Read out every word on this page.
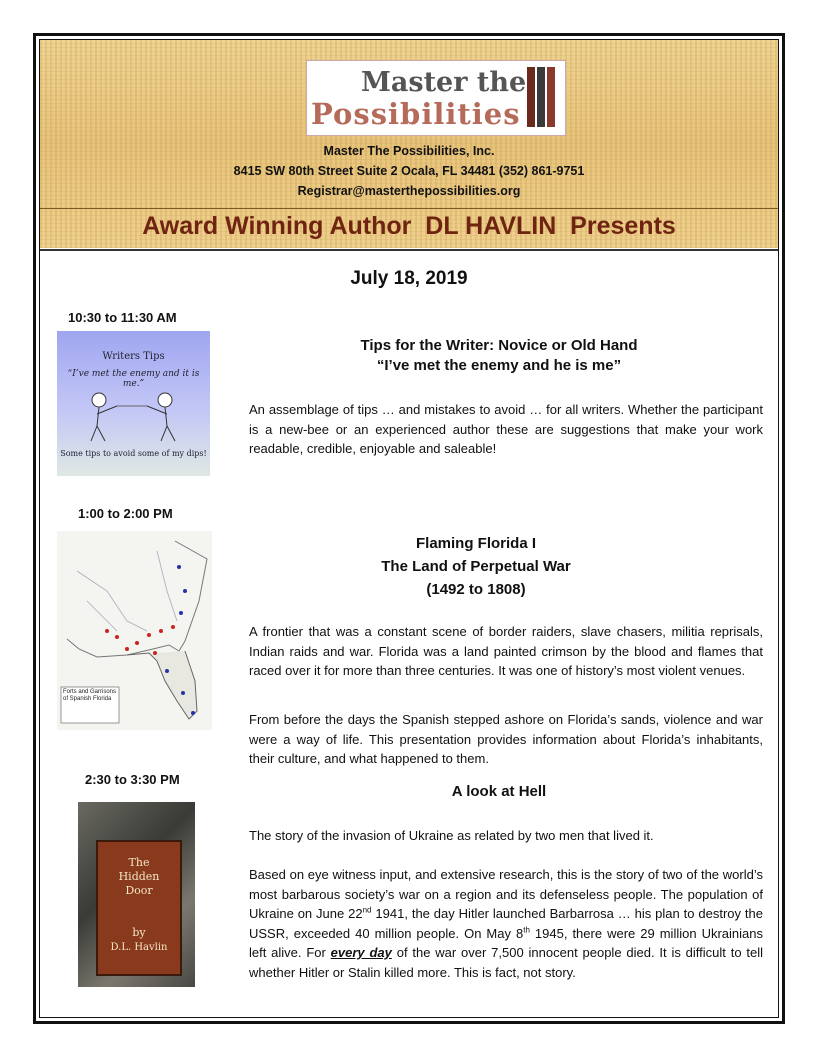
Master the
Possibilities
Master The Possibilities, Inc.
8415 SW 80th Street Suite 2 Ocala, FL 34481 (352) 861-9751
Registrar@masterthepossibilities.org
Award Winning Author  DL HAVLIN  Presents
July 18, 2019
10:30 to 11:30 AM
Writers Tips
“I’ve met the enemy and it is me.”
Some tips to avoid some of my dips!
Tips for the Writer: Novice or Old Hand
“I’ve met the enemy and he is me”
An assemblage of tips … and mistakes to avoid … for all writers. Whether the participant is a new-bee or an experienced author these are suggestions that make your work readable, credible, enjoyable and saleable!
1:00 to 2:00 PM
Forts and Garrisons of Spanish Florida
Flaming Florida I
The Land of Perpetual War
(1492 to 1808)
A frontier that was a constant scene of border raiders, slave chasers, militia reprisals, Indian raids and war. Florida was a land painted crimson by the blood and flames that raced over it for more than three centuries. It was one of history’s most violent venues.
From before the days the Spanish stepped ashore on Florida’s sands, violence and war were a way of life. This presentation provides information about Florida’s inhabitants, their culture, and what happened to them.
2:30 to 3:30 PM
The
Hidden
Door
by
D.L. Havlin
A look at Hell
The story of the invasion of Ukraine as related by two men that lived it.
Based on eye witness input, and extensive research, this is the story of two of the world’s most barbarous society’s war on a region and its defenseless people. The population of Ukraine on June 22nd 1941, the day Hitler launched Barbarrosa … his plan to destroy the USSR, exceeded 40 million people. On May 8th 1945, there were 29 million Ukrainians left alive. For every day of the war over 7,500 innocent people died. It is difficult to tell whether Hitler or Stalin killed more. This is fact, not story.
